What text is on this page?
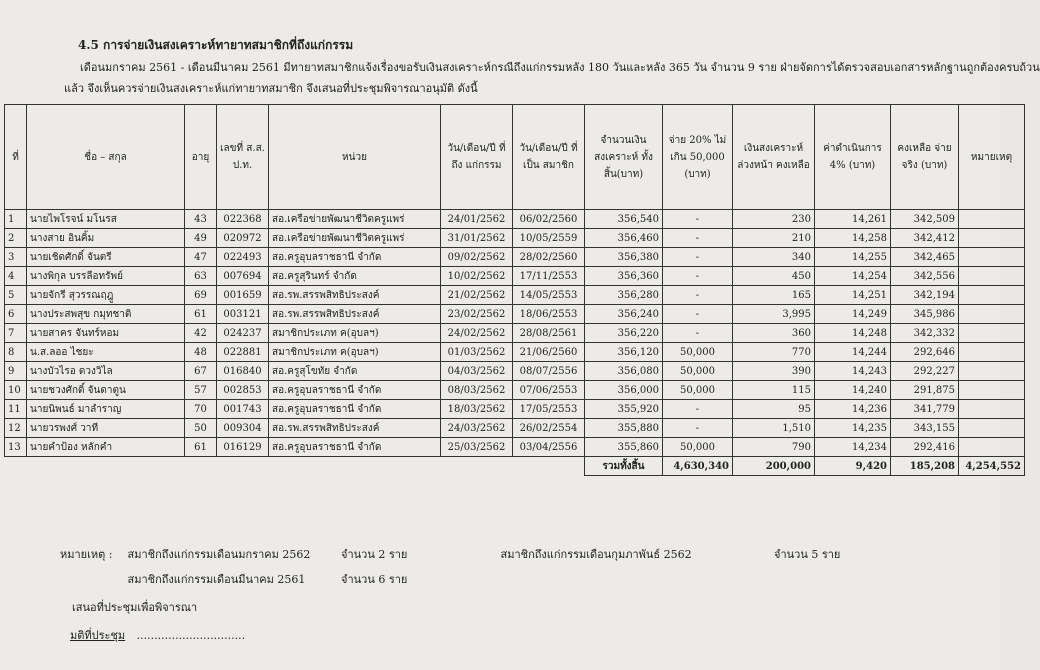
4.5 การจ่ายเงินสงเคราะห์ทายาทสมาชิกที่ถึงแก่กรรม
เดือนมกราคม 2561 - เดือนมีนาคม 2561 มีทายาทสมาชิกแจ้งเรื่องขอรับเงินสงเคราะห์กรณีถึงแก่กรรมหลัง 180 วันและหลัง 365 วัน จำนวน 9 ราย ฝ่ายจัดการได้ตรวจสอบเอกสารหลักฐานถูกต้องครบถ้วน
แล้ว จึงเห็นควรจ่ายเงินสงเคราะห์แก่ทายาทสมาชิก จึงเสนอที่ประชุมพิจารณาอนุมัติ ดังนี้
ที่	ชื่อ – สกุล	อายุ	เลขที่ ส.ส. ป.ท.	หน่วย	วัน/เดือน/ปี ที่ถึง แก่กรรม	วัน/เดือน/ปี ที่เป็น สมาชิก	จำนวนเงิน สงเคราะห์ ทั้งสิ้น(บาท)	จ่าย 20% ไม่เกิน 50,000 (บาท)	เงินสงเคราะห์ ล่วงหน้า คงเหลือ	ค่าดำเนินการ 4% (บาท)	คงเหลือ จ่ายจริง (บาท)	หมายเหตุ	
1	นายไพโรจน์ มโนรส	43	022368	สอ.เครือข่ายพัฒนาชีวิตครูแพร่	24/01/2562	06/02/2560	356,540	-	230	14,261	342,509		
2	นางสาย อินคิ้ม	49	020972	สอ.เครือข่ายพัฒนาชีวิตครูแพร่	31/01/2562	10/05/2559	356,460	-	210	14,258	342,412		
3	นายเชิดศักดิ์ จันตรี	47	022493	สอ.ครูอุบลราชธานี จำกัด	09/02/2562	28/02/2560	356,380	-	340	14,255	342,465		
4	นางพิกุล บรรลือทรัพย์	63	007694	สอ.ครูสุรินทร์ จำกัด	10/02/2562	17/11/2553	356,360	-	450	14,254	342,556		
5	นายจักรี สุวรรณฤฎู	69	001659	สอ.รพ.สรรพสิทธิประสงค์	21/02/2562	14/05/2553	356,280	-	165	14,251	342,194		
6	นางประสพสุข กมุทชาติ	61	003121	สอ.รพ.สรรพสิทธิประสงค์	23/02/2562	18/06/2553	356,240	-	3,995	14,249	345,986		
7	นายสาคร จันทร์หอม	42	024237	สมาชิกประเภท ค(อุบลฯ)	24/02/2562	28/08/2561	356,220	-	360	14,248	342,332		
8	น.ส.ลออ ไชยะ	48	022881	สมาชิกประเภท ค(อุบลฯ)	01/03/2562	21/06/2560	356,120	50,000	770	14,244	292,646		
9	นางบัวไรอ ดวงวิไล	67	016840	สอ.ครูสุโขทัย จำกัด	04/03/2562	08/07/2556	356,080	50,000	390	14,243	292,227		
10	นายชวงศักดิ์ จันดาตูน	57	002853	สอ.ครูอุบลราชธานี จำกัด	08/03/2562	07/06/2553	356,000	50,000	115	14,240	291,875		
11	นายนิพนธ์ มาลำราญ	70	001743	สอ.ครูอุบลราชธานี จำกัด	18/03/2562	17/05/2553	355,920	-	95	14,236	341,779		
12	นายวรพงศ์ วาที	50	009304	สอ.รพ.สรรพสิทธิประสงค์	24/03/2562	26/02/2554	355,880	-	1,510	14,235	343,155		
13	นายคำป้อง หลักคำ	61	016129	สอ.ครูอุบลราชธานี จำกัด	25/03/2562	03/04/2556	355,860	50,000	790	14,234	292,416		
							รวมทั้งสิ้น	4,630,340	200,000	9,420	185,208	4,254,552	
หมายเหตุ : สมาชิกถึงแก่กรรมเดือนมกราคม 2562	จำนวน 2 ราย	สมาชิกถึงแก่กรรมเดือนกุมภาพันธ์ 2562	จำนวน 5 ราย
สมาชิกถึงแก่กรรมเดือนมีนาคม 2561	จำนวน 6 ราย
เสนอที่ประชุมเพื่อพิจารณา
มติที่ประชุม ...............................
